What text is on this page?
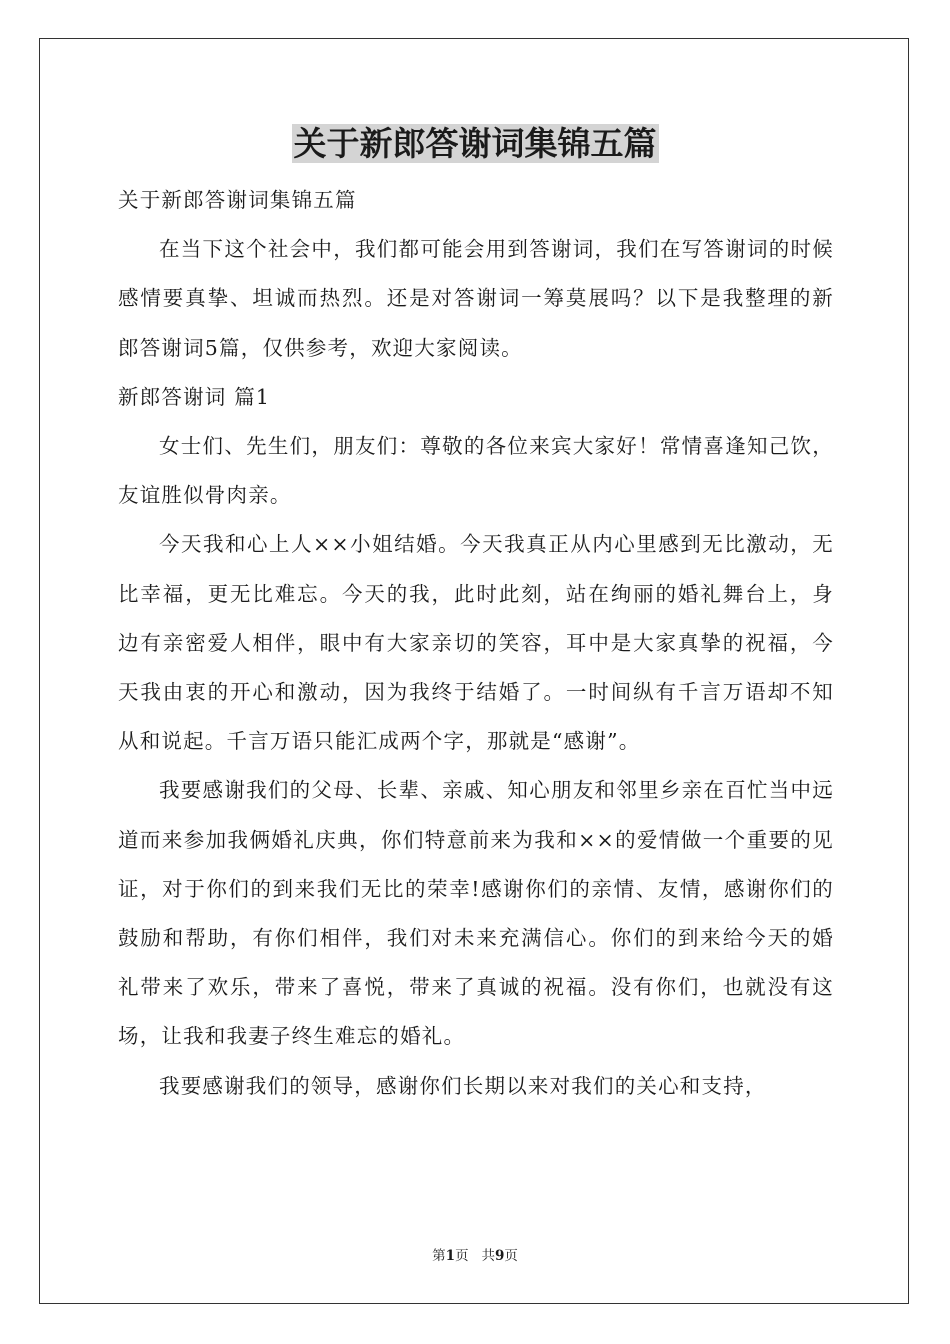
关于新郎答谢词集锦五篇

关于新郎答谢词集锦五篇

在当下这个社会中，我们都可能会用到答谢词，我们在写答谢词的时候感情要真挚、坦诚而热烈。还是对答谢词一筹莫展吗？以下是我整理的新郎答谢词5篇，仅供参考，欢迎大家阅读。

新郎答谢词 篇1

女士们、先生们，朋友们：尊敬的各位来宾大家好！常情喜逢知己饮，友谊胜似骨肉亲。

今天我和心上人××小姐结婚。今天我真正从内心里感到无比激动，无比幸福，更无比难忘。今天的我，此时此刻，站在绚丽的婚礼舞台上，身边有亲密爱人相伴，眼中有大家亲切的笑容，耳中是大家真挚的祝福，今天我由衷的开心和激动，因为我终于结婚了。一时间纵有千言万语却不知从和说起。千言万语只能汇成两个字，那就是“感谢”。

我要感谢我们的父母、长辈、亲戚、知心朋友和邻里乡亲在百忙当中远道而来参加我俩婚礼庆典，你们特意前来为我和××的爱情做一个重要的见证，对于你们的到来我们无比的荣幸!感谢你们的亲情、友情，感谢你们的鼓励和帮助，有你们相伴，我们对未来充满信心。你们的到来给今天的婚礼带来了欢乐，带来了喜悦，带来了真诚的祝福。没有你们，也就没有这场，让我和我妻子终生难忘的婚礼。

我要感谢我们的领导，感谢你们长期以来对我们的关心和支持，

第1页 共9页
